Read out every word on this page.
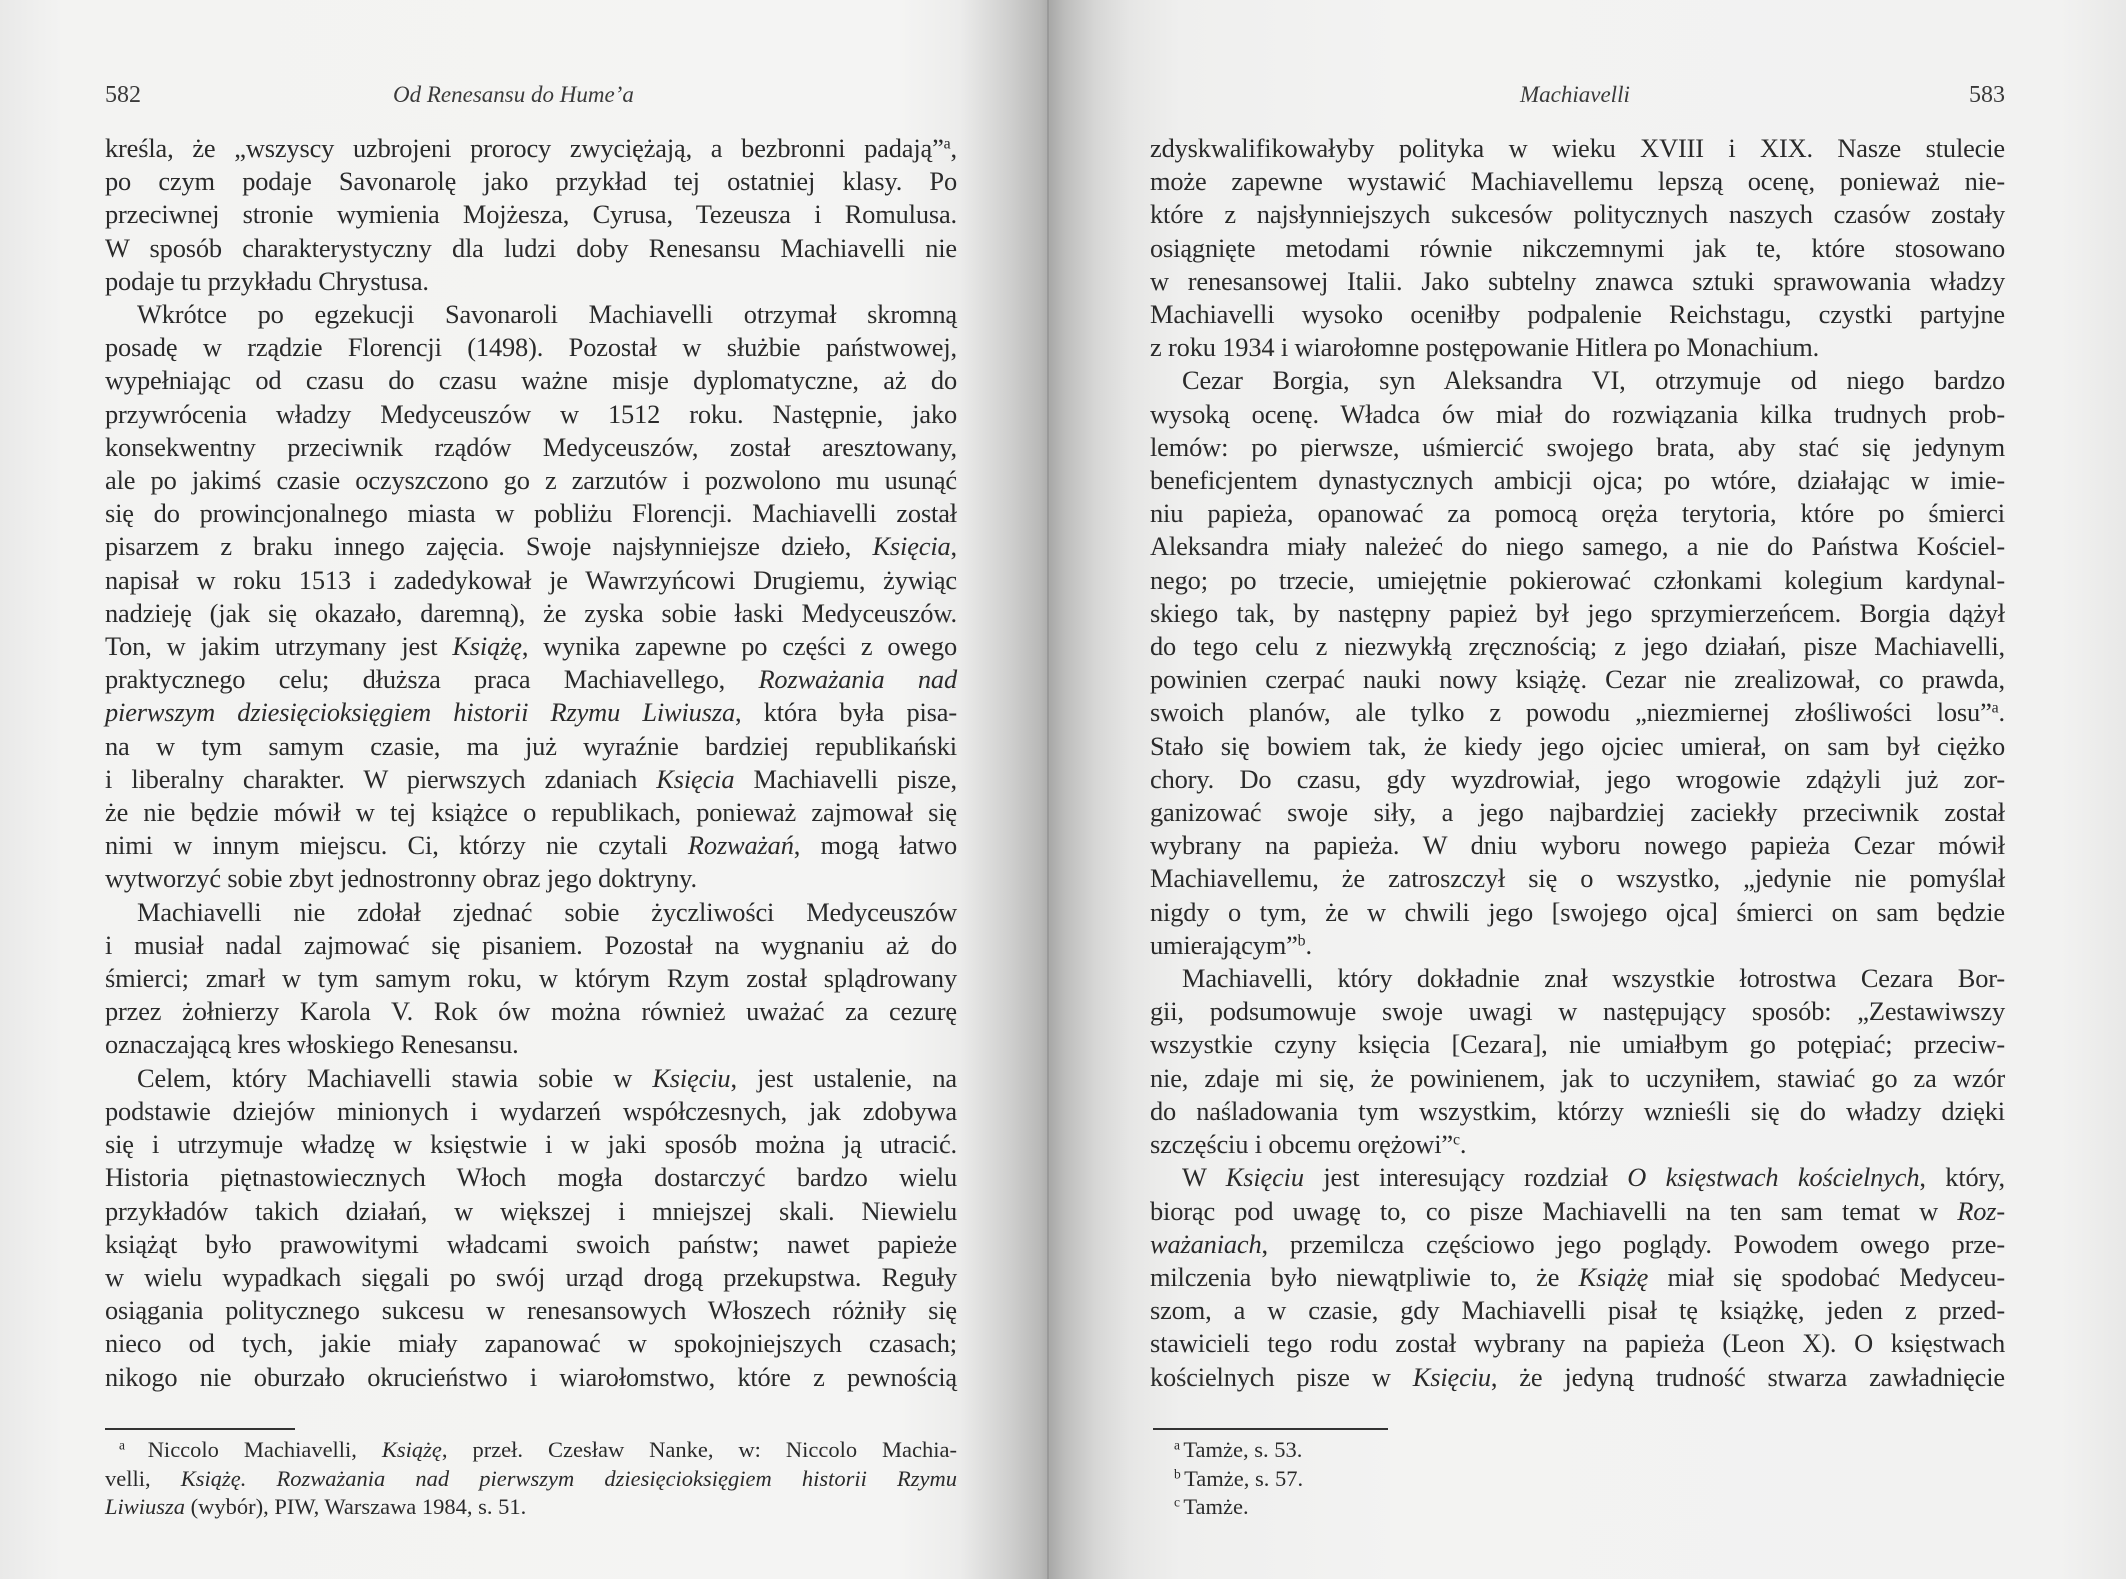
582	Od Renesansu do Hume’a
kreśla, że „wszyscy uzbrojeni prorocy zwyciężają, a bezbronni padają”$^a$,
po czym podaje Savonarolę jako przykład tej ostatniej klasy. Po
przeciwnej stronie wymienia Mojżesza, Cyrusa, Tezeusza i Romulusa.
W sposób charakterystyczny dla ludzi doby Renesansu Machiavelli nie
podaje tu przykładu Chrystusa.
Wkrótce po egzekucji Savonaroli Machiavelli otrzymał skromną
posadę w rządzie Florencji (1498). Pozostał w służbie państwowej,
wypełniając od czasu do czasu ważne misje dyplomatyczne, aż do
przywrócenia władzy Medyceuszów w 1512 roku. Następnie, jako
konsekwentny przeciwnik rządów Medyceuszów, został aresztowany,
ale po jakimś czasie oczyszczono go z zarzutów i pozwolono mu usunąć
się do prowincjonalnego miasta w pobliżu Florencji. Machiavelli został
pisarzem z braku innego zajęcia. Swoje najsłynniejsze dzieło, Księcia,
napisał w roku 1513 i zadedykował je Wawrzyńcowi Drugiemu, żywiąc
nadzieję (jak się okazało, daremną), że zyska sobie łaski Medyceuszów.
Ton, w jakim utrzymany jest Książę, wynika zapewne po części z owego
praktycznego celu; dłuższa praca Machiavellego, Rozważania nad
pierwszym dziesięcioksięgiem historii Rzymu Liwiusza, która była pisa-
na w tym samym czasie, ma już wyraźnie bardziej republikański
i liberalny charakter. W pierwszych zdaniach Księcia Machiavelli pisze,
że nie będzie mówił w tej książce o republikach, ponieważ zajmował się
nimi w innym miejscu. Ci, którzy nie czytali Rozważań, mogą łatwo
wytworzyć sobie zbyt jednostronny obraz jego doktryny.
Machiavelli nie zdołał zjednać sobie życzliwości Medyceuszów
i musiał nadal zajmować się pisaniem. Pozostał na wygnaniu aż do
śmierci; zmarł w tym samym roku, w którym Rzym został splądrowany
przez żołnierzy Karola V. Rok ów można również uważać za cezurę
oznaczającą kres włoskiego Renesansu.
Celem, który Machiavelli stawia sobie w Księciu, jest ustalenie, na
podstawie dziejów minionych i wydarzeń współczesnych, jak zdobywa
się i utrzymuje władzę w księstwie i w jaki sposób można ją utracić.
Historia piętnastowiecznych Włoch mogła dostarczyć bardzo wielu
przykładów takich działań, w większej i mniejszej skali. Niewielu
książąt było prawowitymi władcami swoich państw; nawet papieże
w wielu wypadkach sięgali po swój urząd drogą przekupstwa. Reguły
osiągania politycznego sukcesu w renesansowych Włoszech różniły się
nieco od tych, jakie miały zapanować w spokojniejszych czasach;
nikogo nie oburzało okrucieństwo i wiarołomstwo, które z pewnością
$^a$ Niccolo Machiavelli, Książę, przeł. Czesław Nanke, w: Niccolo Machia-
velli, Książę. Rozważania nad pierwszym dziesięcioksięgiem historii Rzymu
Liwiusza (wybór), PIW, Warszawa 1984, s. 51.
Machiavelli	583
zdyskwalifikowałyby polityka w wieku XVIII i XIX. Nasze stulecie
może zapewne wystawić Machiavellemu lepszą ocenę, ponieważ nie-
które z najsłynniejszych sukcesów politycznych naszych czasów zostały
osiągnięte metodami równie nikczemnymi jak te, które stosowano
w renesansowej Italii. Jako subtelny znawca sztuki sprawowania władzy
Machiavelli wysoko oceniłby podpalenie Reichstagu, czystki partyjne
z roku 1934 i wiarołomne postępowanie Hitlera po Monachium.
Cezar Borgia, syn Aleksandra VI, otrzymuje od niego bardzo
wysoką ocenę. Władca ów miał do rozwiązania kilka trudnych prob-
lemów: po pierwsze, uśmiercić swojego brata, aby stać się jedynym
beneficjentem dynastycznych ambicji ojca; po wtóre, działając w imie-
niu papieża, opanować za pomocą oręża terytoria, które po śmierci
Aleksandra miały należeć do niego samego, a nie do Państwa Kościel-
nego; po trzecie, umiejętnie pokierować członkami kolegium kardynal-
skiego tak, by następny papież był jego sprzymierzeńcem. Borgia dążył
do tego celu z niezwykłą zręcznością; z jego działań, pisze Machiavelli,
powinien czerpać nauki nowy książę. Cezar nie zrealizował, co prawda,
swoich planów, ale tylko z powodu „niezmiernej złośliwości losu”$^a$.
Stało się bowiem tak, że kiedy jego ojciec umierał, on sam był ciężko
chory. Do czasu, gdy wyzdrowiał, jego wrogowie zdążyli już zor-
ganizować swoje siły, a jego najbardziej zaciekły przeciwnik został
wybrany na papieża. W dniu wyboru nowego papieża Cezar mówił
Machiavellemu, że zatroszczył się o wszystko, „jedynie nie pomyślał
nigdy o tym, że w chwili jego [swojego ojca] śmierci on sam będzie
umierającym”$^b$.
Machiavelli, który dokładnie znał wszystkie łotrostwa Cezara Bor-
gii, podsumowuje swoje uwagi w następujący sposób: „Zestawiwszy
wszystkie czyny księcia [Cezara], nie umiałbym go potępiać; przeciw-
nie, zdaje mi się, że powinienem, jak to uczyniłem, stawiać go za wzór
do naśladowania tym wszystkim, którzy wznieśli się do władzy dzięki
szczęściu i obcemu orężowi”$^c$.
W Księciu jest interesujący rozdział O księstwach kościelnych, który,
biorąc pod uwagę to, co pisze Machiavelli na ten sam temat w Roz-
ważaniach, przemilcza częściowo jego poglądy. Powodem owego prze-
milczenia było niewątpliwie to, że Książę miał się spodobać Medyceu-
szom, a w czasie, gdy Machiavelli pisał tę książkę, jeden z przed-
stawicieli tego rodu został wybrany na papieża (Leon X). O księstwach
kościelnych pisze w Księciu, że jedyną trudność stwarza zawładnięcie
$^a$ Tamże, s. 53.
$^b$ Tamże, s. 57.
$^c$ Tamże.
